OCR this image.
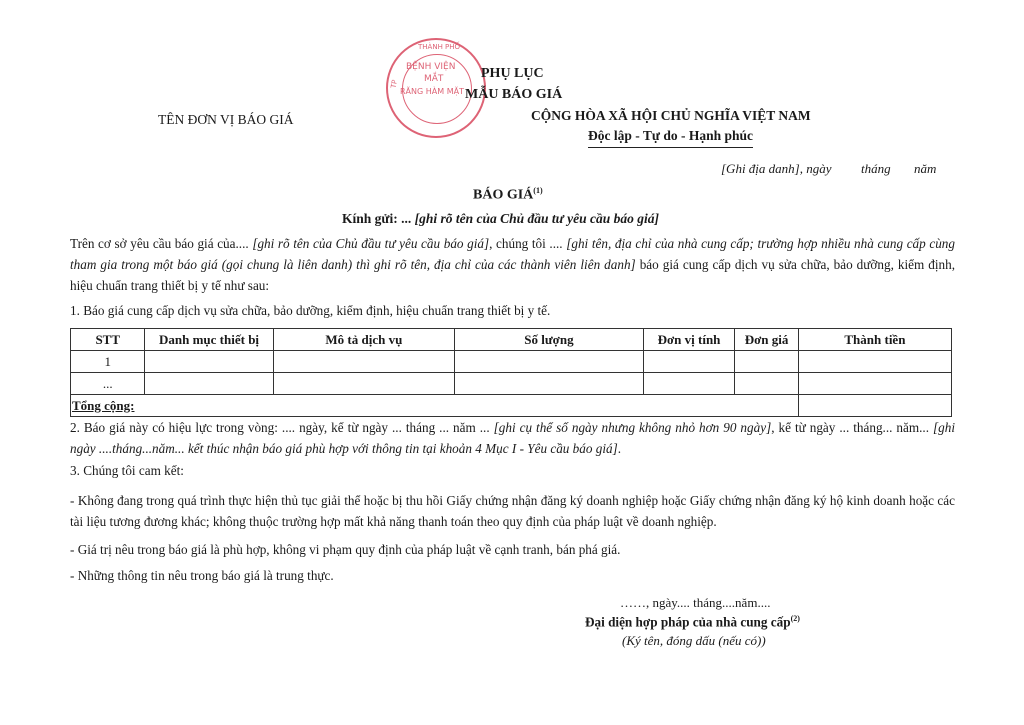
THÀNH PHỐ
TP
BỆNH VIỆN
MẮT
RĂNG HÀM MẶT
PHỤ LỤC
MẪU BÁO GIÁ
TÊN ĐƠN VỊ BÁO GIÁ	CỘNG HÒA XÃ HỘI CHỦ NGHĨA VIỆT NAM
Độc lập - Tự do - Hạnh phúc
[Ghi địa danh], ngày tháng năm
BÁO GIÁ$^{(1)}$
Kính gửi: ... [ghi rõ tên của Chủ đầu tư yêu cầu báo giá]
Trên cơ sở yêu cầu báo giá của.... [ghi rõ tên của Chủ đầu tư yêu cầu báo giá], chúng tôi .... [ghi tên, địa chỉ của nhà cung cấp; trường hợp nhiều nhà cung cấp cùng tham gia trong một báo giá (gọi chung là liên danh) thì ghi rõ tên, địa chỉ của các thành viên liên danh] báo giá cung cấp dịch vụ sửa chữa, bảo dưỡng, kiểm định, hiệu chuẩn trang thiết bị y tế như sau:
1. Báo giá cung cấp dịch vụ sửa chữa, bảo dưỡng, kiểm định, hiệu chuẩn trang thiết bị y tế.
STT	Danh mục thiết bị	Mô tả dịch vụ	Số lượng	Đơn vị tính	Đơn giá	Thành tiền
1						
...						
Tổng cộng:						
2. Báo giá này có hiệu lực trong vòng: .... ngày, kể từ ngày ... tháng ... năm ... [ghi cụ thể số ngày nhưng không nhỏ hơn 90 ngày], kể từ ngày ... tháng... năm... [ghi ngày ....tháng...năm... kết thúc nhận báo giá phù hợp với thông tin tại khoản 4 Mục I - Yêu cầu báo giá].
3. Chúng tôi cam kết:
- Không đang trong quá trình thực hiện thủ tục giải thể hoặc bị thu hồi Giấy chứng nhận đăng ký doanh nghiệp hoặc Giấy chứng nhận đăng ký hộ kinh doanh hoặc các tài liệu tương đương khác; không thuộc trường hợp mất khả năng thanh toán theo quy định của pháp luật về doanh nghiệp.
- Giá trị nêu trong báo giá là phù hợp, không vi phạm quy định của pháp luật về cạnh tranh, bán phá giá.
- Những thông tin nêu trong báo giá là trung thực.
……, ngày.... tháng....năm....
Đại diện hợp pháp của nhà cung cấp$^{(2)}$
(Ký tên, đóng dấu (nếu có))
